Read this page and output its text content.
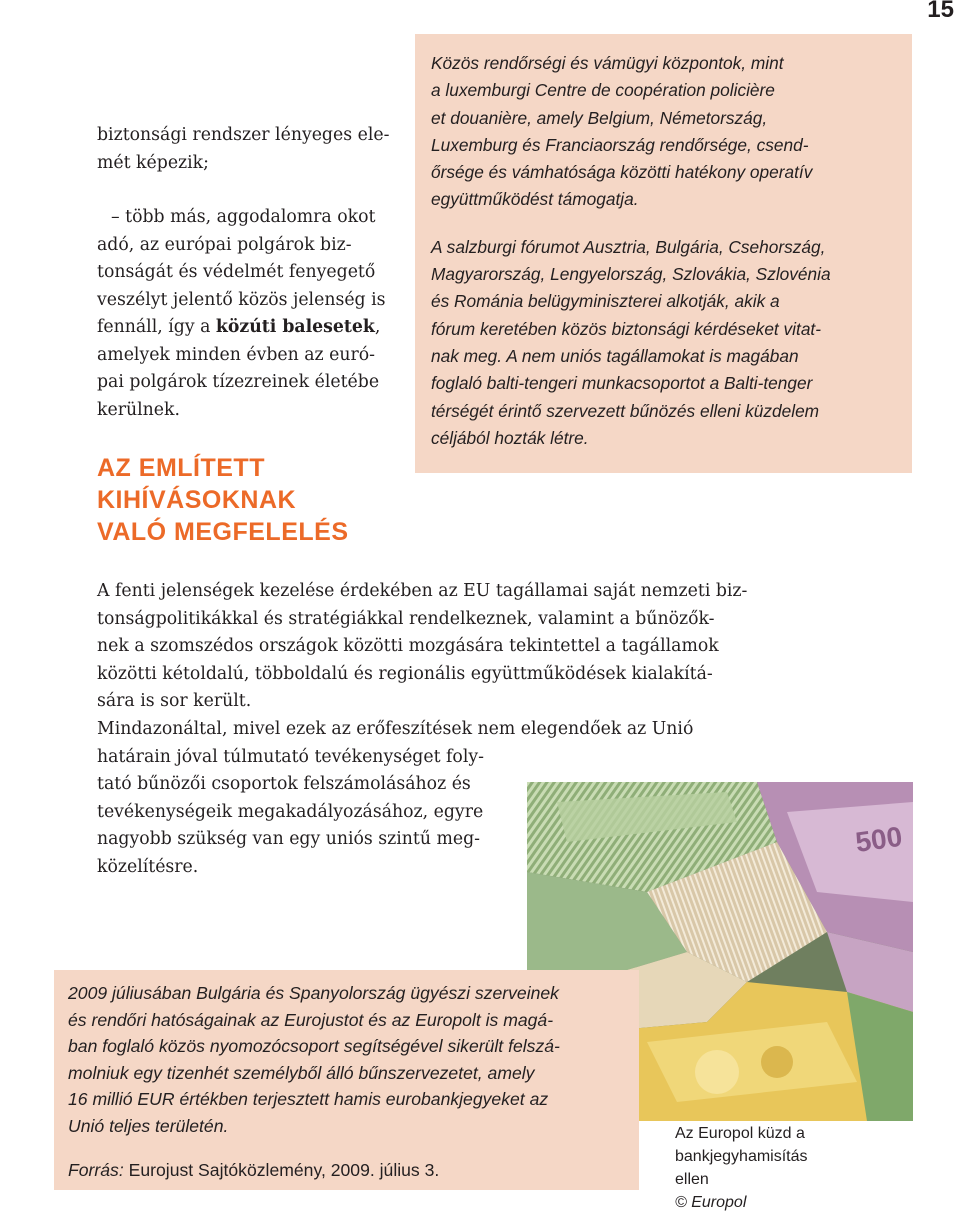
15

biztonsági rendszer lényeges ele-
mét képezik;

– több más, aggodalomra okot
adó, az európai polgárok biz-
tonságát és védelmét fenyegető
veszélyt jelentő közös jelenség is
fennáll, így a közúti balesetek,
amelyek minden évben az euró-
pai polgárok tízezreinek életébe
kerülnek.

AZ EMLÍTETT
KIHÍVÁSOKNAK
VALÓ MEGFELELÉS

Közös rendőrségi és vámügyi központok, mint
a luxemburgi Centre de coopération policière
et douanière, amely Belgium, Németország,
Luxemburg és Franciaország rendőrsége, csend-
őrsége és vámhatósága közötti hatékony operatív
együttműködést támogatja.

A salzburgi fórumot Ausztria, Bulgária, Csehország,
Magyarország, Lengyelország, Szlovákia, Szlovénia
és Románia belügyminiszterei alkotják, akik a
fórum keretében közös biztonsági kérdéseket vitat-
nak meg. A nem uniós tagállamokat is magában
foglaló balti-tengeri munkacsoportot a Balti-tenger
térségét érintő szervezett bűnözés elleni küzdelem
céljából hozták létre.

A fenti jelenségek kezelése érdekében az EU tagállamai saját nemzeti biz-
tonságpolitikákkal és stratégiákkal rendelkeznek, valamint a bűnözők-
nek a szomszédos országok közötti mozgására tekintettel a tagállamok
közötti kétoldalú, többoldalú és regionális együttműködések kialakítá-
sára is sor került.

Mindazonáltal, mivel ezek az erőfeszítések nem elegendőek az Unió
határain jóval túlmutató tevékenységet foly-
tató bűnözői csoportok felszámolásához és
tevékenységeik megakadályozásához, egyre
nagyobb szükség van egy uniós szintű meg-
közelítésre.

500
Az Europol küzd a bankjegyhamisítás
ellen
© Europol

2009 júliusában Bulgária és Spanyolország ügyészi szerveinek
és rendőri hatóságainak az Eurojustot és az Europolt is magá-
ban foglaló közös nyomozócsoport segítségével sikerült felszá-
molniuk egy tizenhét személyből álló bűnszervezetet, amely
16 millió EUR értékben terjesztett hamis eurobankjegyeket az
Unió teljes területén.

Forrás: Eurojust Sajtóközlemény, 2009. július 3.
